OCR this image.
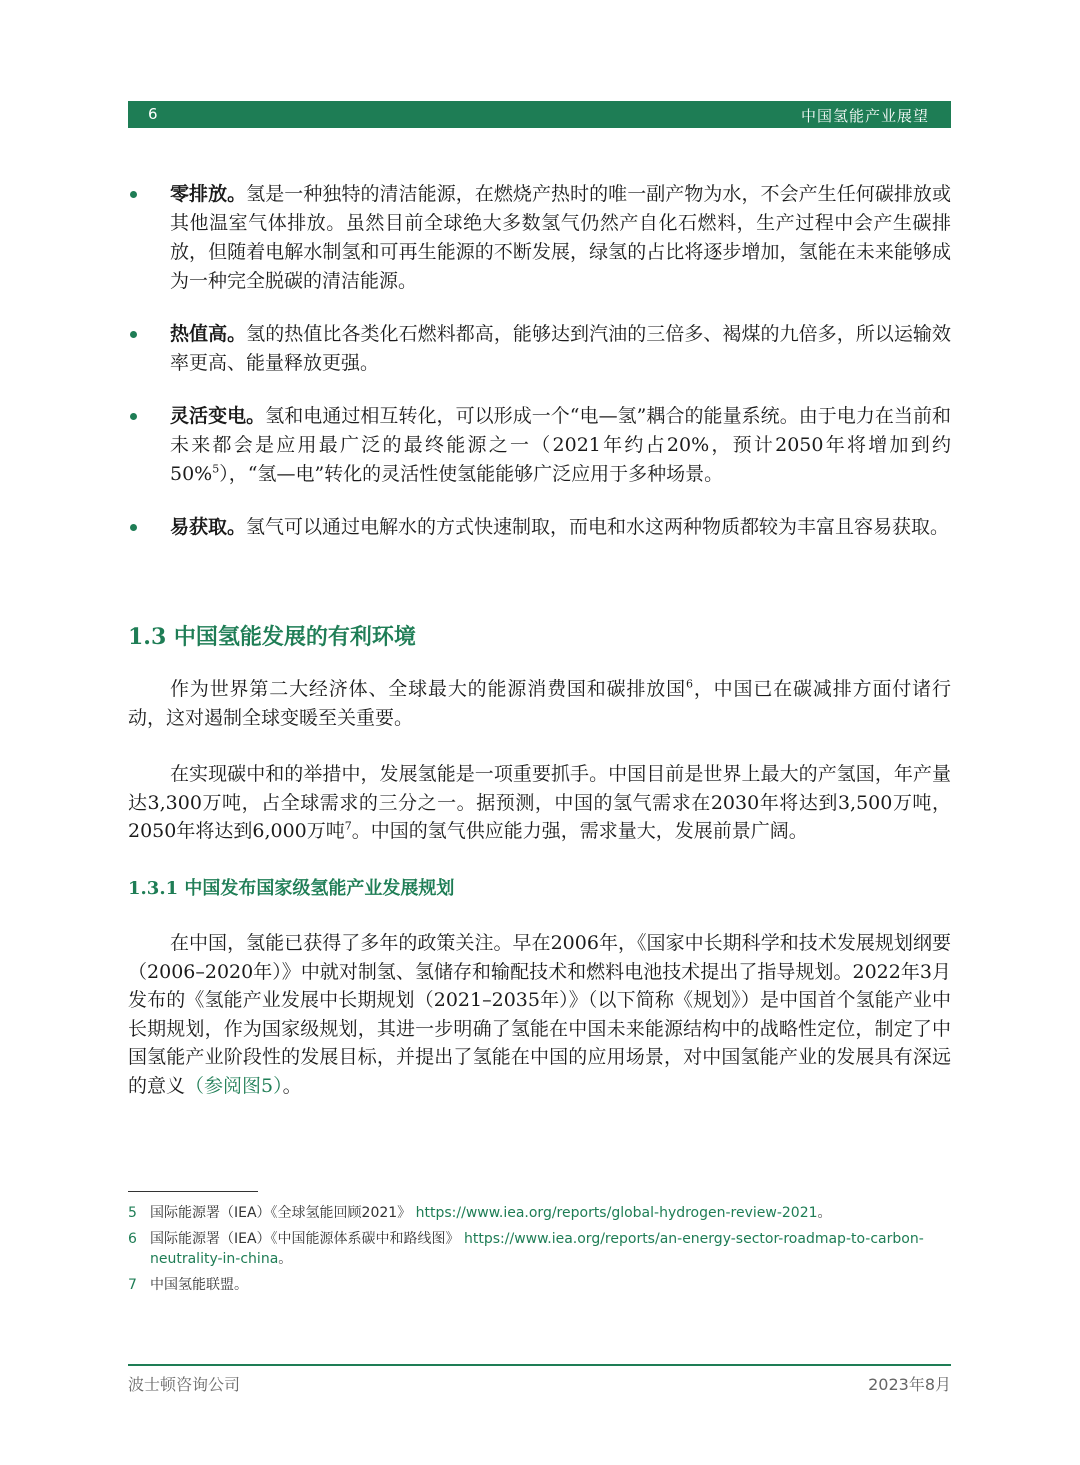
6	中国氢能产业展望
零排放。氢是一种独特的清洁能源，在燃烧产热时的唯一副产物为水，不会产生任何碳排放或其他温室气体排放。虽然目前全球绝大多数氢气仍然产自化石燃料，生产过程中会产生碳排放，但随着电解水制氢和可再生能源的不断发展，绿氢的占比将逐步增加，氢能在未来能够成为一种完全脱碳的清洁能源。
热值高。氢的热值比各类化石燃料都高，能够达到汽油的三倍多、褐煤的九倍多，所以运输效率更高、能量释放更强。
灵活变电。氢和电通过相互转化，可以形成一个“电—氢”耦合的能量系统。由于电力在当前和未来都会是应用最广泛的最终能源之一（2021年约占20%，预计2050年将增加到约50%$^5$），“氢—电”转化的灵活性使氢能能够广泛应用于多种场景。
易获取。氢气可以通过电解水的方式快速制取，而电和水这两种物质都较为丰富且容易获取。
1.3 中国氢能发展的有利环境

作为世界第二大经济体、全球最大的能源消费国和碳排放国$^6$，中国已在碳减排方面付诸行动，这对遏制全球变暖至关重要。

在实现碳中和的举措中，发展氢能是一项重要抓手。中国目前是世界上最大的产氢国，年产量达3,300万吨，占全球需求的三分之一。据预测，中国的氢气需求在2030年将达到3,500万吨，2050年将达到6,000万吨$^7$。中国的氢气供应能力强，需求量大，发展前景广阔。

1.3.1 中国发布国家级氢能产业发展规划

在中国，氢能已获得了多年的政策关注。早在2006年，《国家中长期科学和技术发展规划纲要（2006–2020年）》中就对制氢、氢储存和输配技术和燃料电池技术提出了指导规划。2022年3月发布的《氢能产业发展中长期规划（2021–2035年）》（以下简称《规划》）是中国首个氢能产业中长期规划，作为国家级规划，其进一步明确了氢能在中国未来能源结构中的战略性定位，制定了中国氢能产业阶段性的发展目标，并提出了氢能在中国的应用场景，对中国氢能产业的发展具有深远的意义（参阅图5）。

5 国际能源署（IEA）《全球氢能回顾2021》 https://www.iea.org/reports/global-hydrogen-review-2021。
6 国际能源署（IEA）《中国能源体系碳中和路线图》 https://www.iea.org/reports/an-energy-sector-roadmap-to-carbon-neutrality-in-china。
7 中国氢能联盟。
波士顿咨询公司	2023年8月
